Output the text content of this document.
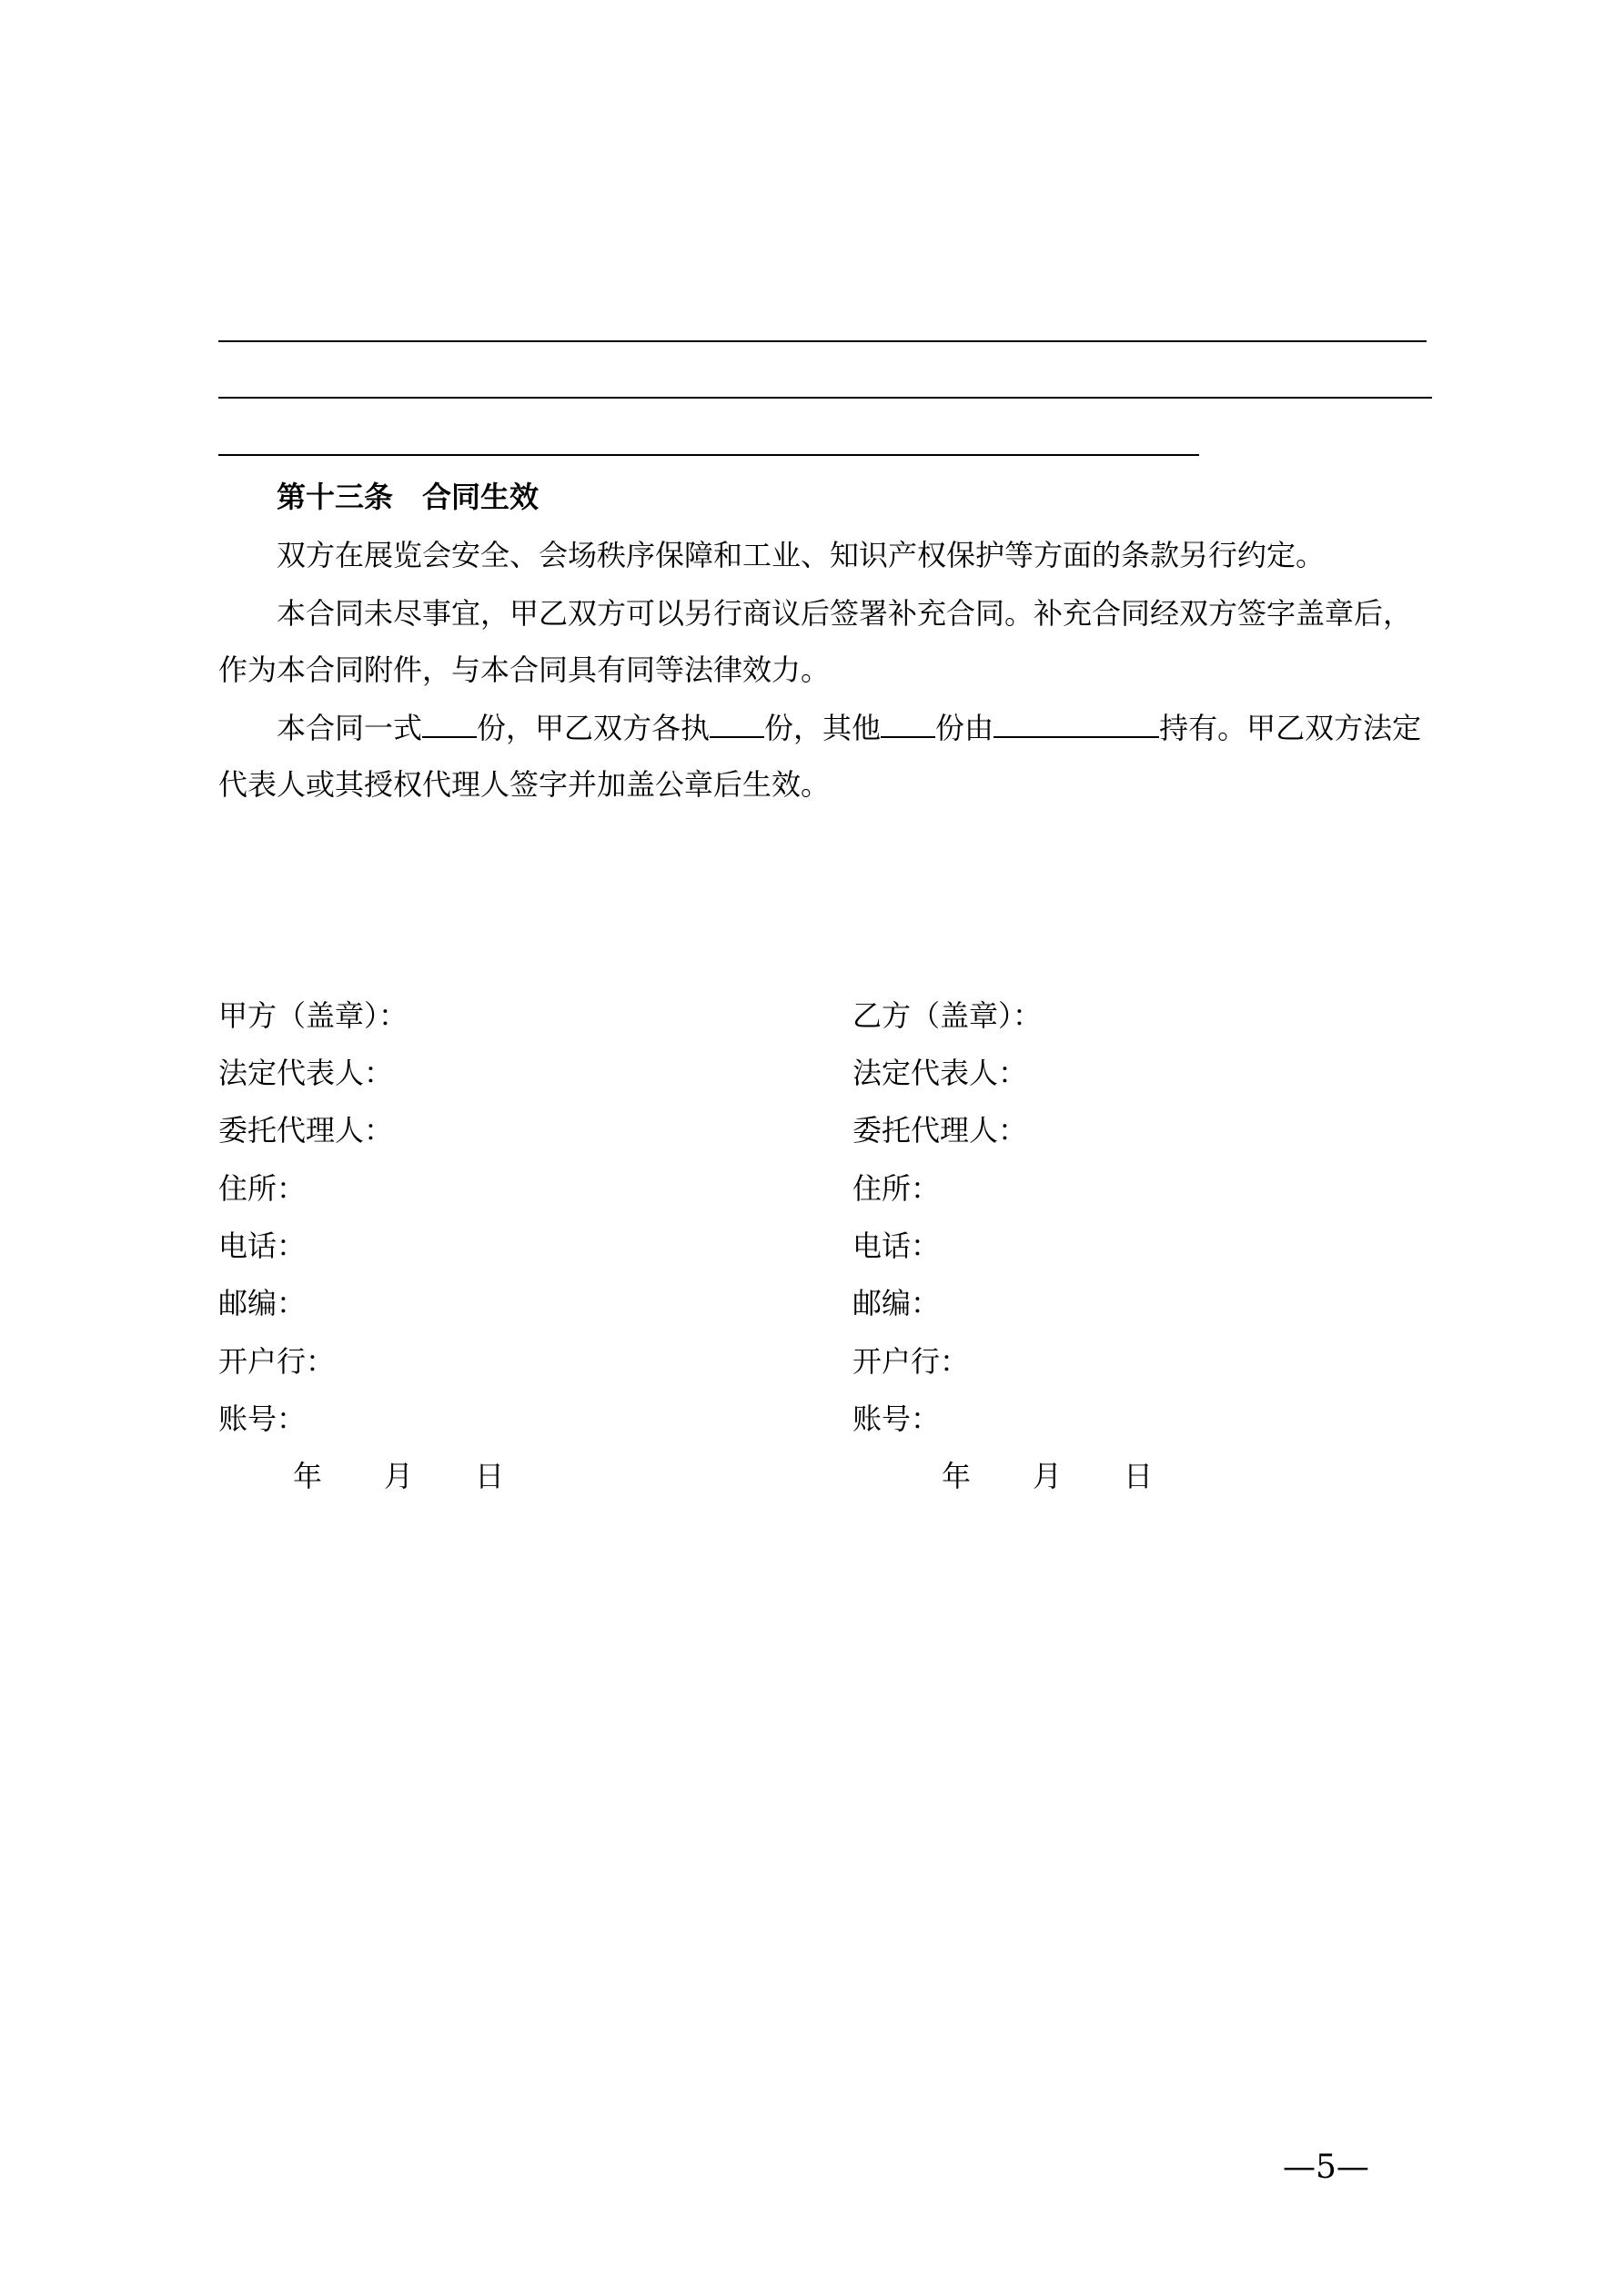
第十三条　合同生效
双方在展览会安全、会场秩序保障和工业、知识产权保护等方面的条款另行约定。
本合同未尽事宜，甲乙双方可以另行商议后签署补充合同。补充合同经双方签字盖章后，
作为本合同附件，与本合同具有同等法律效力。
本合同一式 份，甲乙双方各执 份，其他 份由	持有。甲乙双方法定
代表人或其授权代理人签字并加盖公章后生效。
甲方（盖章）：
法定代表人：
委托代理人：
住所：
电话：
邮编：
开户行：
账号：
乙方（盖章）：
法定代表人：
委托代理人：
住所：
电话：
邮编：
开户行：
账号：
年 月 日	年 月 日
—5—
